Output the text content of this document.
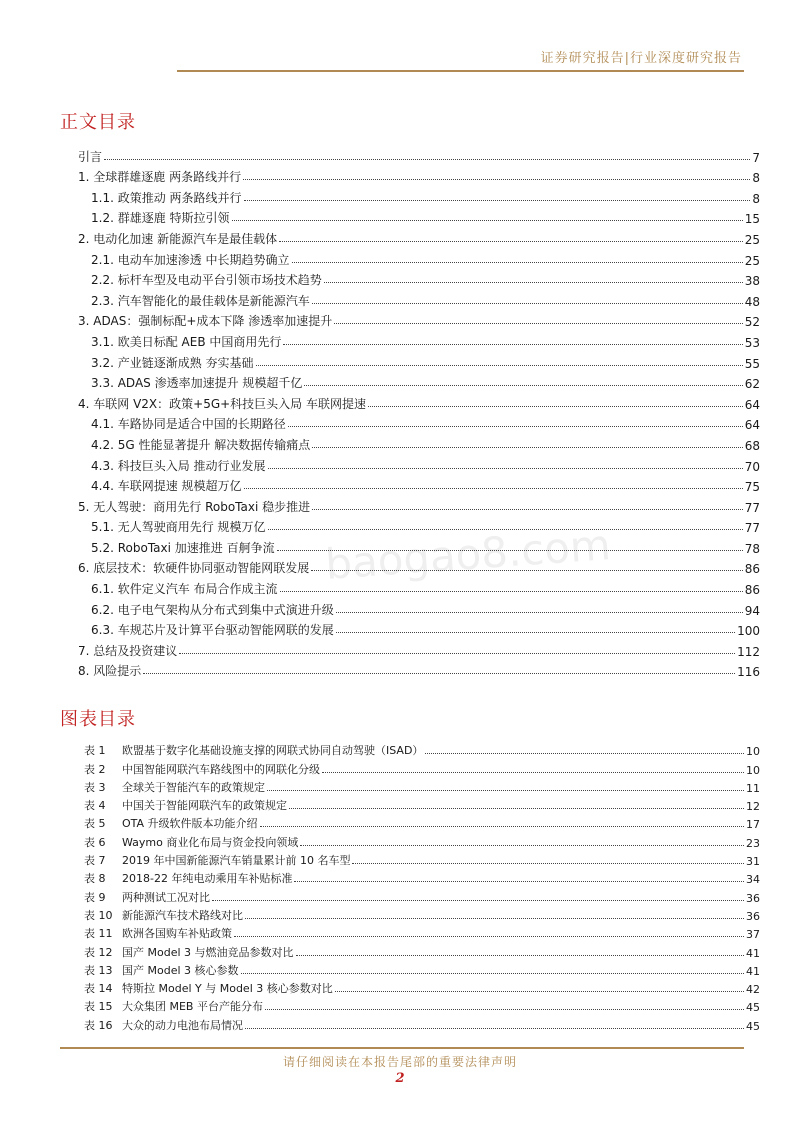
证券研究报告|行业深度研究报告
正文目录
引言	7
1. 全球群雄逐鹿 两条路线并行	8
1.1. 政策推动 两条路线并行	8
1.2. 群雄逐鹿 特斯拉引领	15
2. 电动化加速 新能源汽车是最佳载体	25
2.1. 电动车加速渗透 中长期趋势确立	25
2.2. 标杆车型及电动平台引领市场技术趋势	38
2.3. 汽车智能化的最佳载体是新能源汽车	48
3. ADAS：强制标配+成本下降 渗透率加速提升	52
3.1. 欧美日标配 AEB 中国商用先行	53
3.2. 产业链逐渐成熟 夯实基础	55
3.3. ADAS 渗透率加速提升 规模超千亿	62
4. 车联网 V2X：政策+5G+科技巨头入局 车联网提速	64
4.1. 车路协同是适合中国的长期路径	64
4.2. 5G 性能显著提升 解决数据传输痛点	68
4.3. 科技巨头入局 推动行业发展	70
4.4. 车联网提速 规模超万亿	75
5. 无人驾驶：商用先行 RoboTaxi 稳步推进	77
5.1. 无人驾驶商用先行 规模万亿	77
5.2. RoboTaxi 加速推进 百舸争流	78
6. 底层技术：软硬件协同驱动智能网联发展	86
6.1. 软件定义汽车 布局合作成主流	86
6.2. 电子电气架构从分布式到集中式演进升级	94
6.3. 车规芯片及计算平台驱动智能网联的发展	100
7. 总结及投资建议	112
8. 风险提示	116
baogao8.com
图表目录
表 1	欧盟基于数字化基础设施支撑的网联式协同自动驾驶（ISAD）	10
表 2	中国智能网联汽车路线图中的网联化分级	10
表 3	全球关于智能汽车的政策规定	11
表 4	中国关于智能网联汽车的政策规定	12
表 5	OTA 升级软件版本功能介绍	17
表 6	Waymo 商业化布局与资金投向领域	23
表 7	2019 年中国新能源汽车销量累计前 10 名车型	31
表 8	2018-22 年纯电动乘用车补贴标准	34
表 9	两种测试工况对比	36
表 10 新能源汽车技术路线对比	36
表 11 欧洲各国购车补贴政策	37
表 12 国产 Model 3 与燃油竞品参数对比	41
表 13 国产 Model 3 核心参数	41
表 14 特斯拉 Model Y 与 Model 3 核心参数对比	42
表 15 大众集团 MEB 平台产能分布	45
表 16 大众的动力电池布局情况	45
请仔细阅读在本报告尾部的重要法律声明
2
